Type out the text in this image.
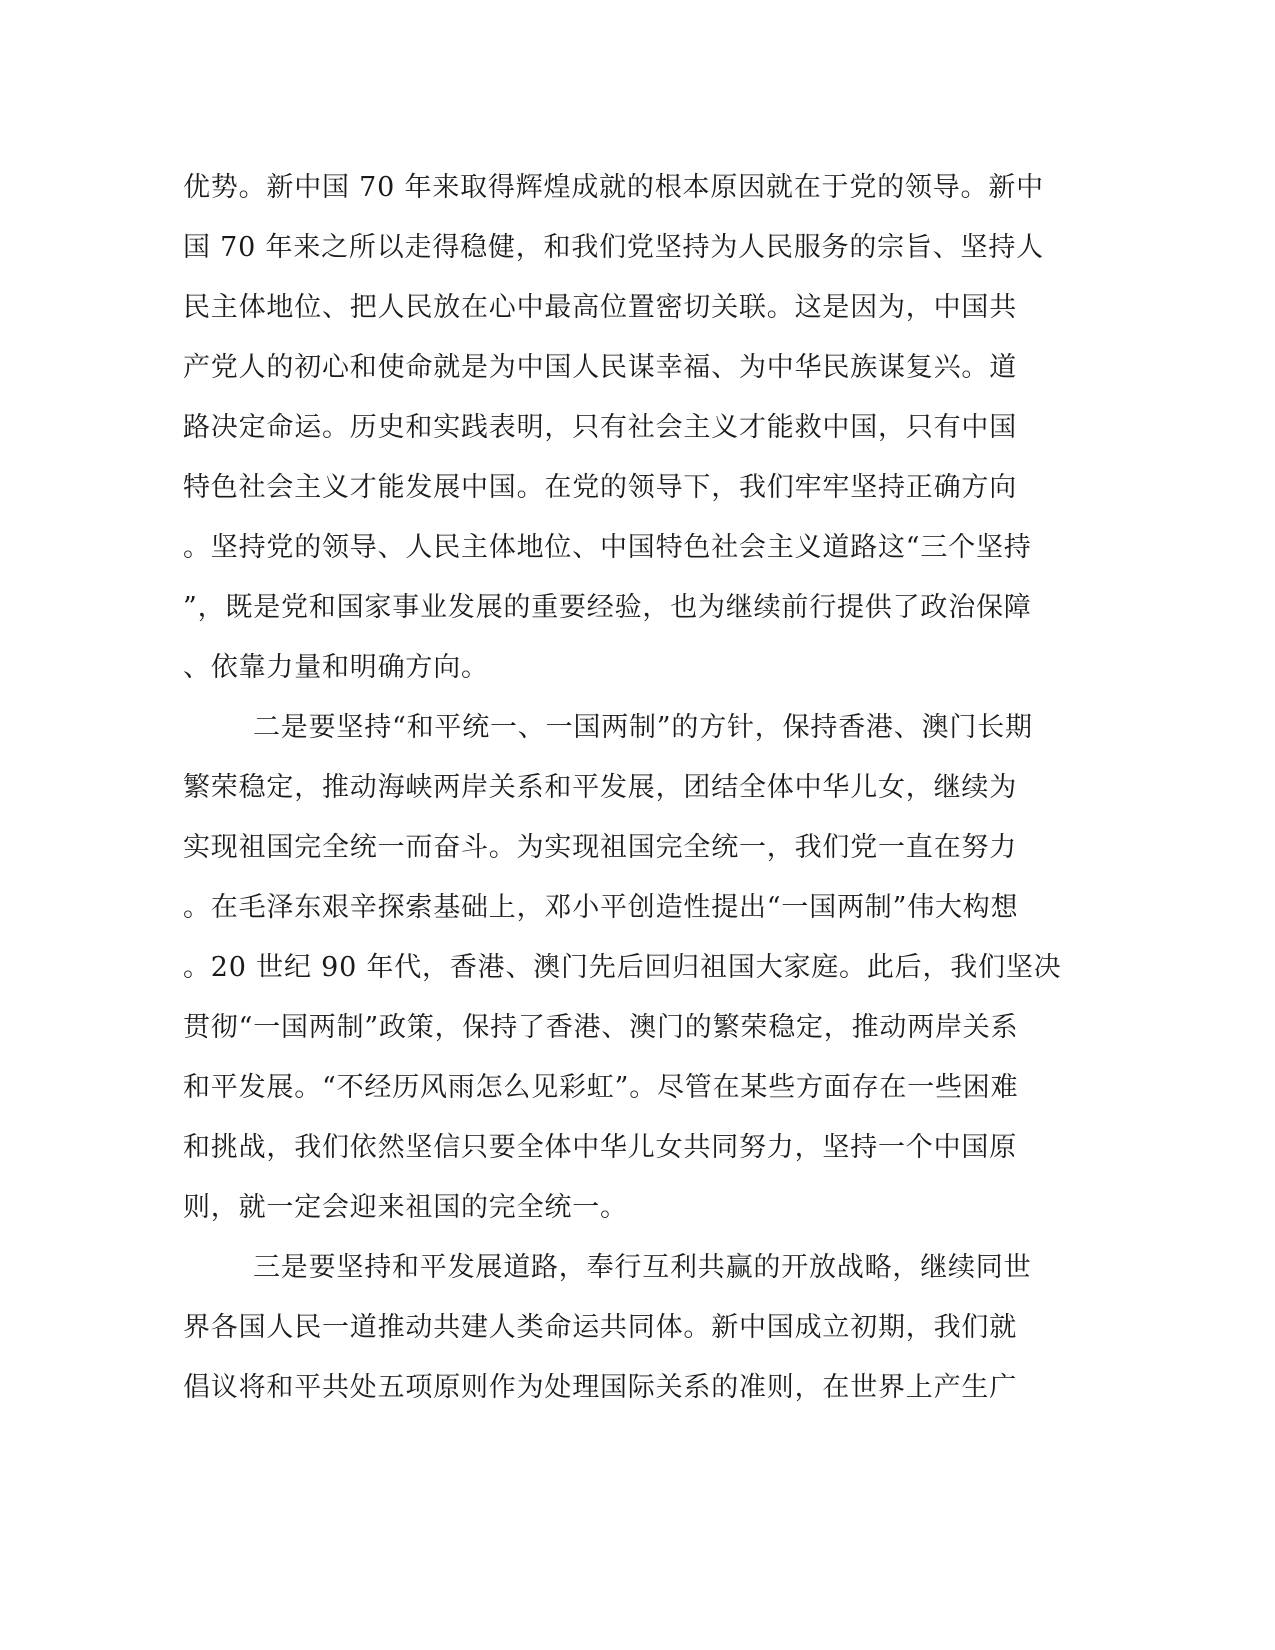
优势。新中国 70 年来取得辉煌成就的根本原因就在于党的领导。新中
国 70 年来之所以走得稳健，和我们党坚持为人民服务的宗旨、坚持人
民主体地位、把人民放在心中最高位置密切关联。这是因为，中国共
产党人的初心和使命就是为中国人民谋幸福、为中华民族谋复兴。道
路决定命运。历史和实践表明，只有社会主义才能救中国，只有中国
特色社会主义才能发展中国。在党的领导下，我们牢牢坚持正确方向
。坚持党的领导、人民主体地位、中国特色社会主义道路这“三个坚持
”，既是党和国家事业发展的重要经验，也为继续前行提供了政治保障
、依靠力量和明确方向。
二是要坚持“和平统一、一国两制”的方针，保持香港、澳门长期
繁荣稳定，推动海峡两岸关系和平发展，团结全体中华儿女，继续为
实现祖国完全统一而奋斗。为实现祖国完全统一，我们党一直在努力
。在毛泽东艰辛探索基础上，邓小平创造性提出“一国两制”伟大构想
。20 世纪 90 年代，香港、澳门先后回归祖国大家庭。此后，我们坚决
贯彻“一国两制”政策，保持了香港、澳门的繁荣稳定，推动两岸关系
和平发展。“不经历风雨怎么见彩虹”。尽管在某些方面存在一些困难
和挑战，我们依然坚信只要全体中华儿女共同努力，坚持一个中国原
则，就一定会迎来祖国的完全统一。
三是要坚持和平发展道路，奉行互利共赢的开放战略，继续同世
界各国人民一道推动共建人类命运共同体。新中国成立初期，我们就
倡议将和平共处五项原则作为处理国际关系的准则，在世界上产生广
